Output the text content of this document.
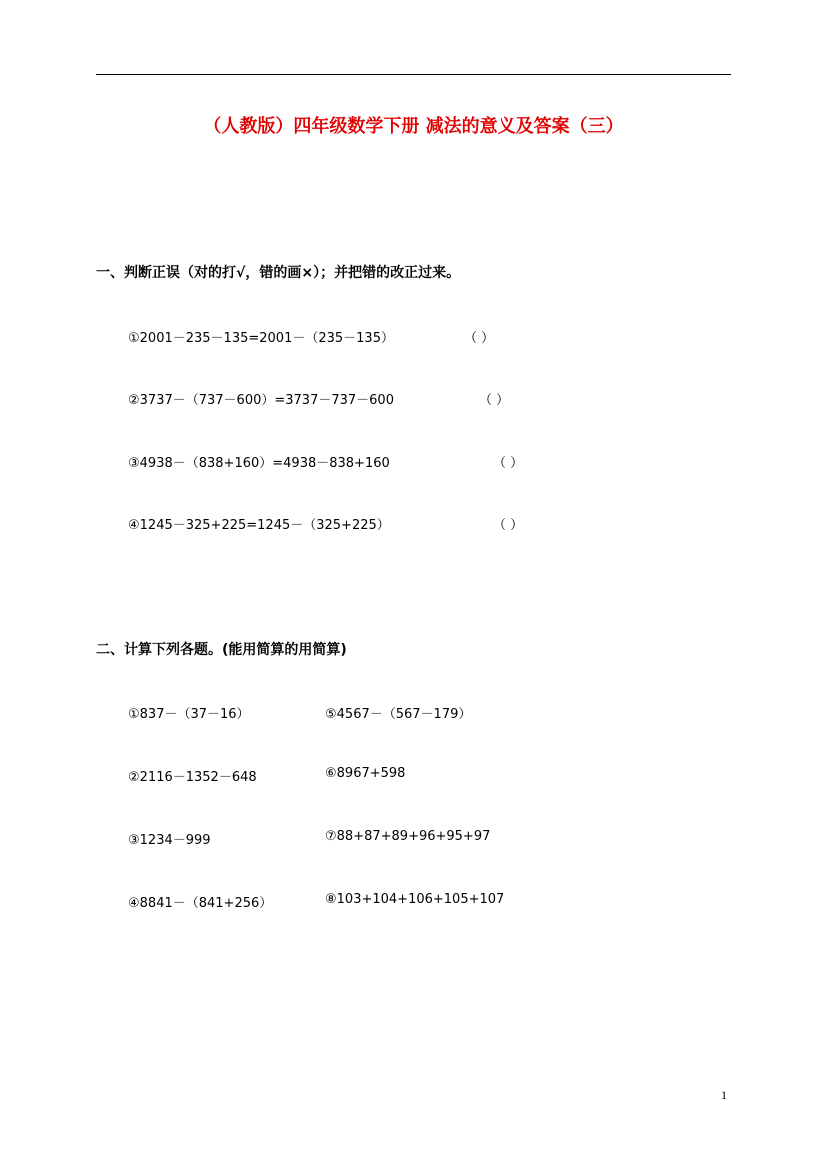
（人教版）四年级数学下册 减法的意义及答案（三）
一、判断正误（对的打√，错的画×）；并把错的改正过来。
①2001－235－135=2001－（235－135）	（ ）
②3737－（737－600）=3737－737－600	（ ）
③4938－（838+160）=4938－838+160	（ ）
④1245－325+225=1245－（325+225）	（ ）
二、计算下列各题。(能用简算的用简算)
①837－（37－16）	⑤4567－（567－179）
②2116－1352－648	⑥8967+598
③1234－999	⑦88+87+89+96+95+97
④8841－（841+256）	⑧103+104+106+105+107
1
